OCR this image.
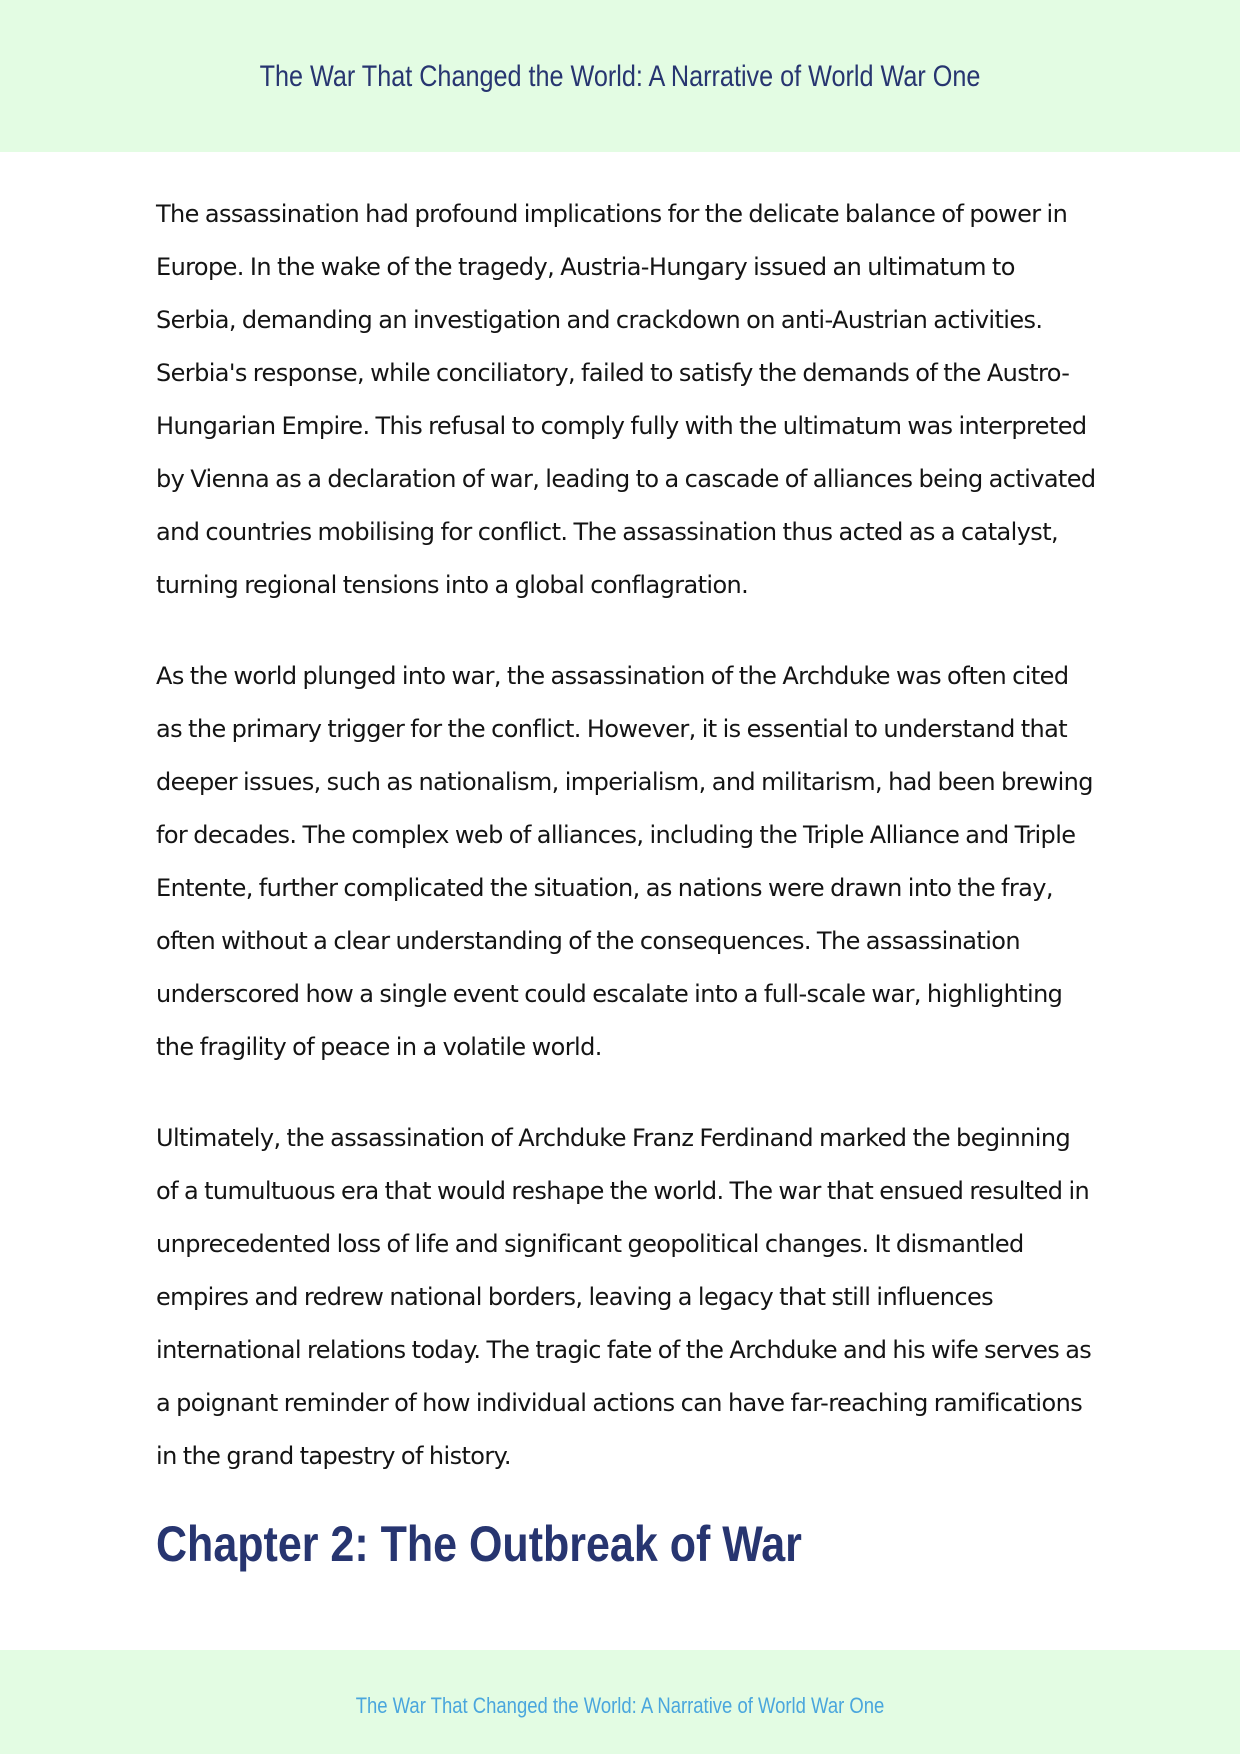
The War That Changed the World: A Narrative of World War One

The assassination had profound implications for the delicate balance of power in Europe. In the wake of the tragedy, Austria-Hungary issued an ultimatum to Serbia, demanding an investigation and crackdown on anti-Austrian activities. Serbia's response, while conciliatory, failed to satisfy the demands of the Austro-Hungarian Empire. This refusal to comply fully with the ultimatum was interpreted by Vienna as a declaration of war, leading to a cascade of alliances being activated and countries mobilising for conflict. The assassination thus acted as a catalyst, turning regional tensions into a global conflagration.

As the world plunged into war, the assassination of the Archduke was often cited as the primary trigger for the conflict. However, it is essential to understand that deeper issues, such as nationalism, imperialism, and militarism, had been brewing for decades. The complex web of alliances, including the Triple Alliance and Triple Entente, further complicated the situation, as nations were drawn into the fray, often without a clear understanding of the consequences. The assassination underscored how a single event could escalate into a full-scale war, highlighting the fragility of peace in a volatile world.

Ultimately, the assassination of Archduke Franz Ferdinand marked the beginning of a tumultuous era that would reshape the world. The war that ensued resulted in unprecedented loss of life and significant geopolitical changes. It dismantled empires and redrew national borders, leaving a legacy that still influences international relations today. The tragic fate of the Archduke and his wife serves as a poignant reminder of how individual actions can have far-reaching ramifications in the grand tapestry of history.

Chapter 2: The Outbreak of War
The War That Changed the World: A Narrative of World War One
